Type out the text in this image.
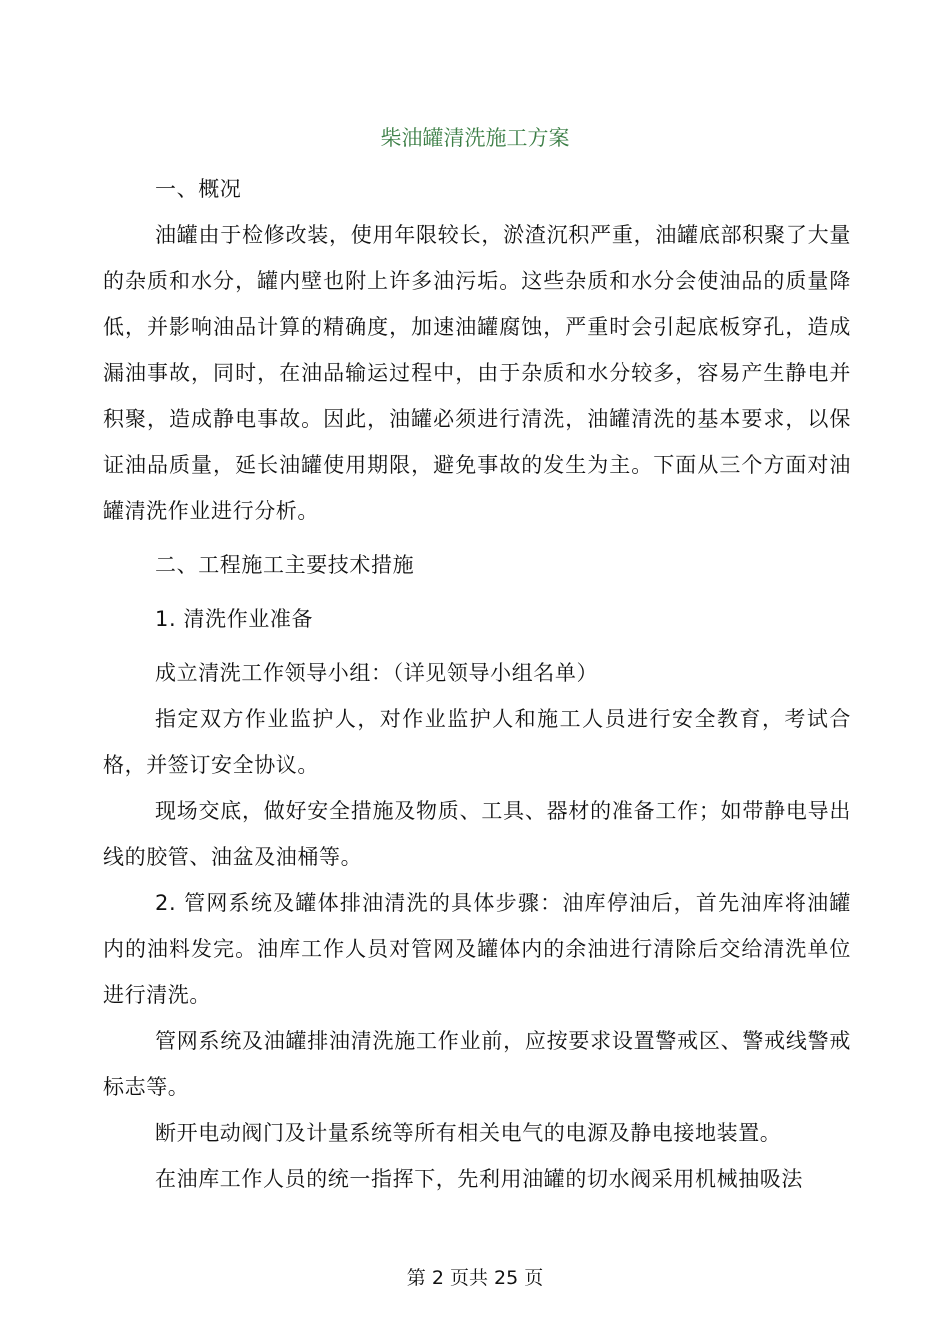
柴油罐清洗施工方案

一、概况

油罐由于检修改装，使用年限较长，淤渣沉积严重，油罐底部积聚了大量的杂质和水分，罐内壁也附上许多油污垢。这些杂质和水分会使油品的质量降低，并影响油品计算的精确度，加速油罐腐蚀，严重时会引起底板穿孔，造成漏油事故，同时，在油品输运过程中，由于杂质和水分较多，容易产生静电并积聚，造成静电事故。因此，油罐必须进行清洗，油罐清洗的基本要求，以保证油品质量，延长油罐使用期限，避免事故的发生为主。下面从三个方面对油罐清洗作业进行分析。

二、工程施工主要技术措施

1. 清洗作业准备

成立清洗工作领导小组：（详见领导小组名单）

指定双方作业监护人，对作业监护人和施工人员进行安全教育，考试合格，并签订安全协议。

现场交底，做好安全措施及物质、工具、器材的准备工作；如带静电导出线的胶管、油盆及油桶等。

2. 管网系统及罐体排油清洗的具体步骤：油库停油后，首先油库将油罐内的油料发完。油库工作人员对管网及罐体内的余油进行清除后交给清洗单位进行清洗。

管网系统及油罐排油清洗施工作业前，应按要求设置警戒区、警戒线警戒标志等。

断开电动阀门及计量系统等所有相关电气的电源及静电接地装置。

在油库工作人员的统一指挥下，先利用油罐的切水阀采用机械抽吸法

第 2 页共 25 页
